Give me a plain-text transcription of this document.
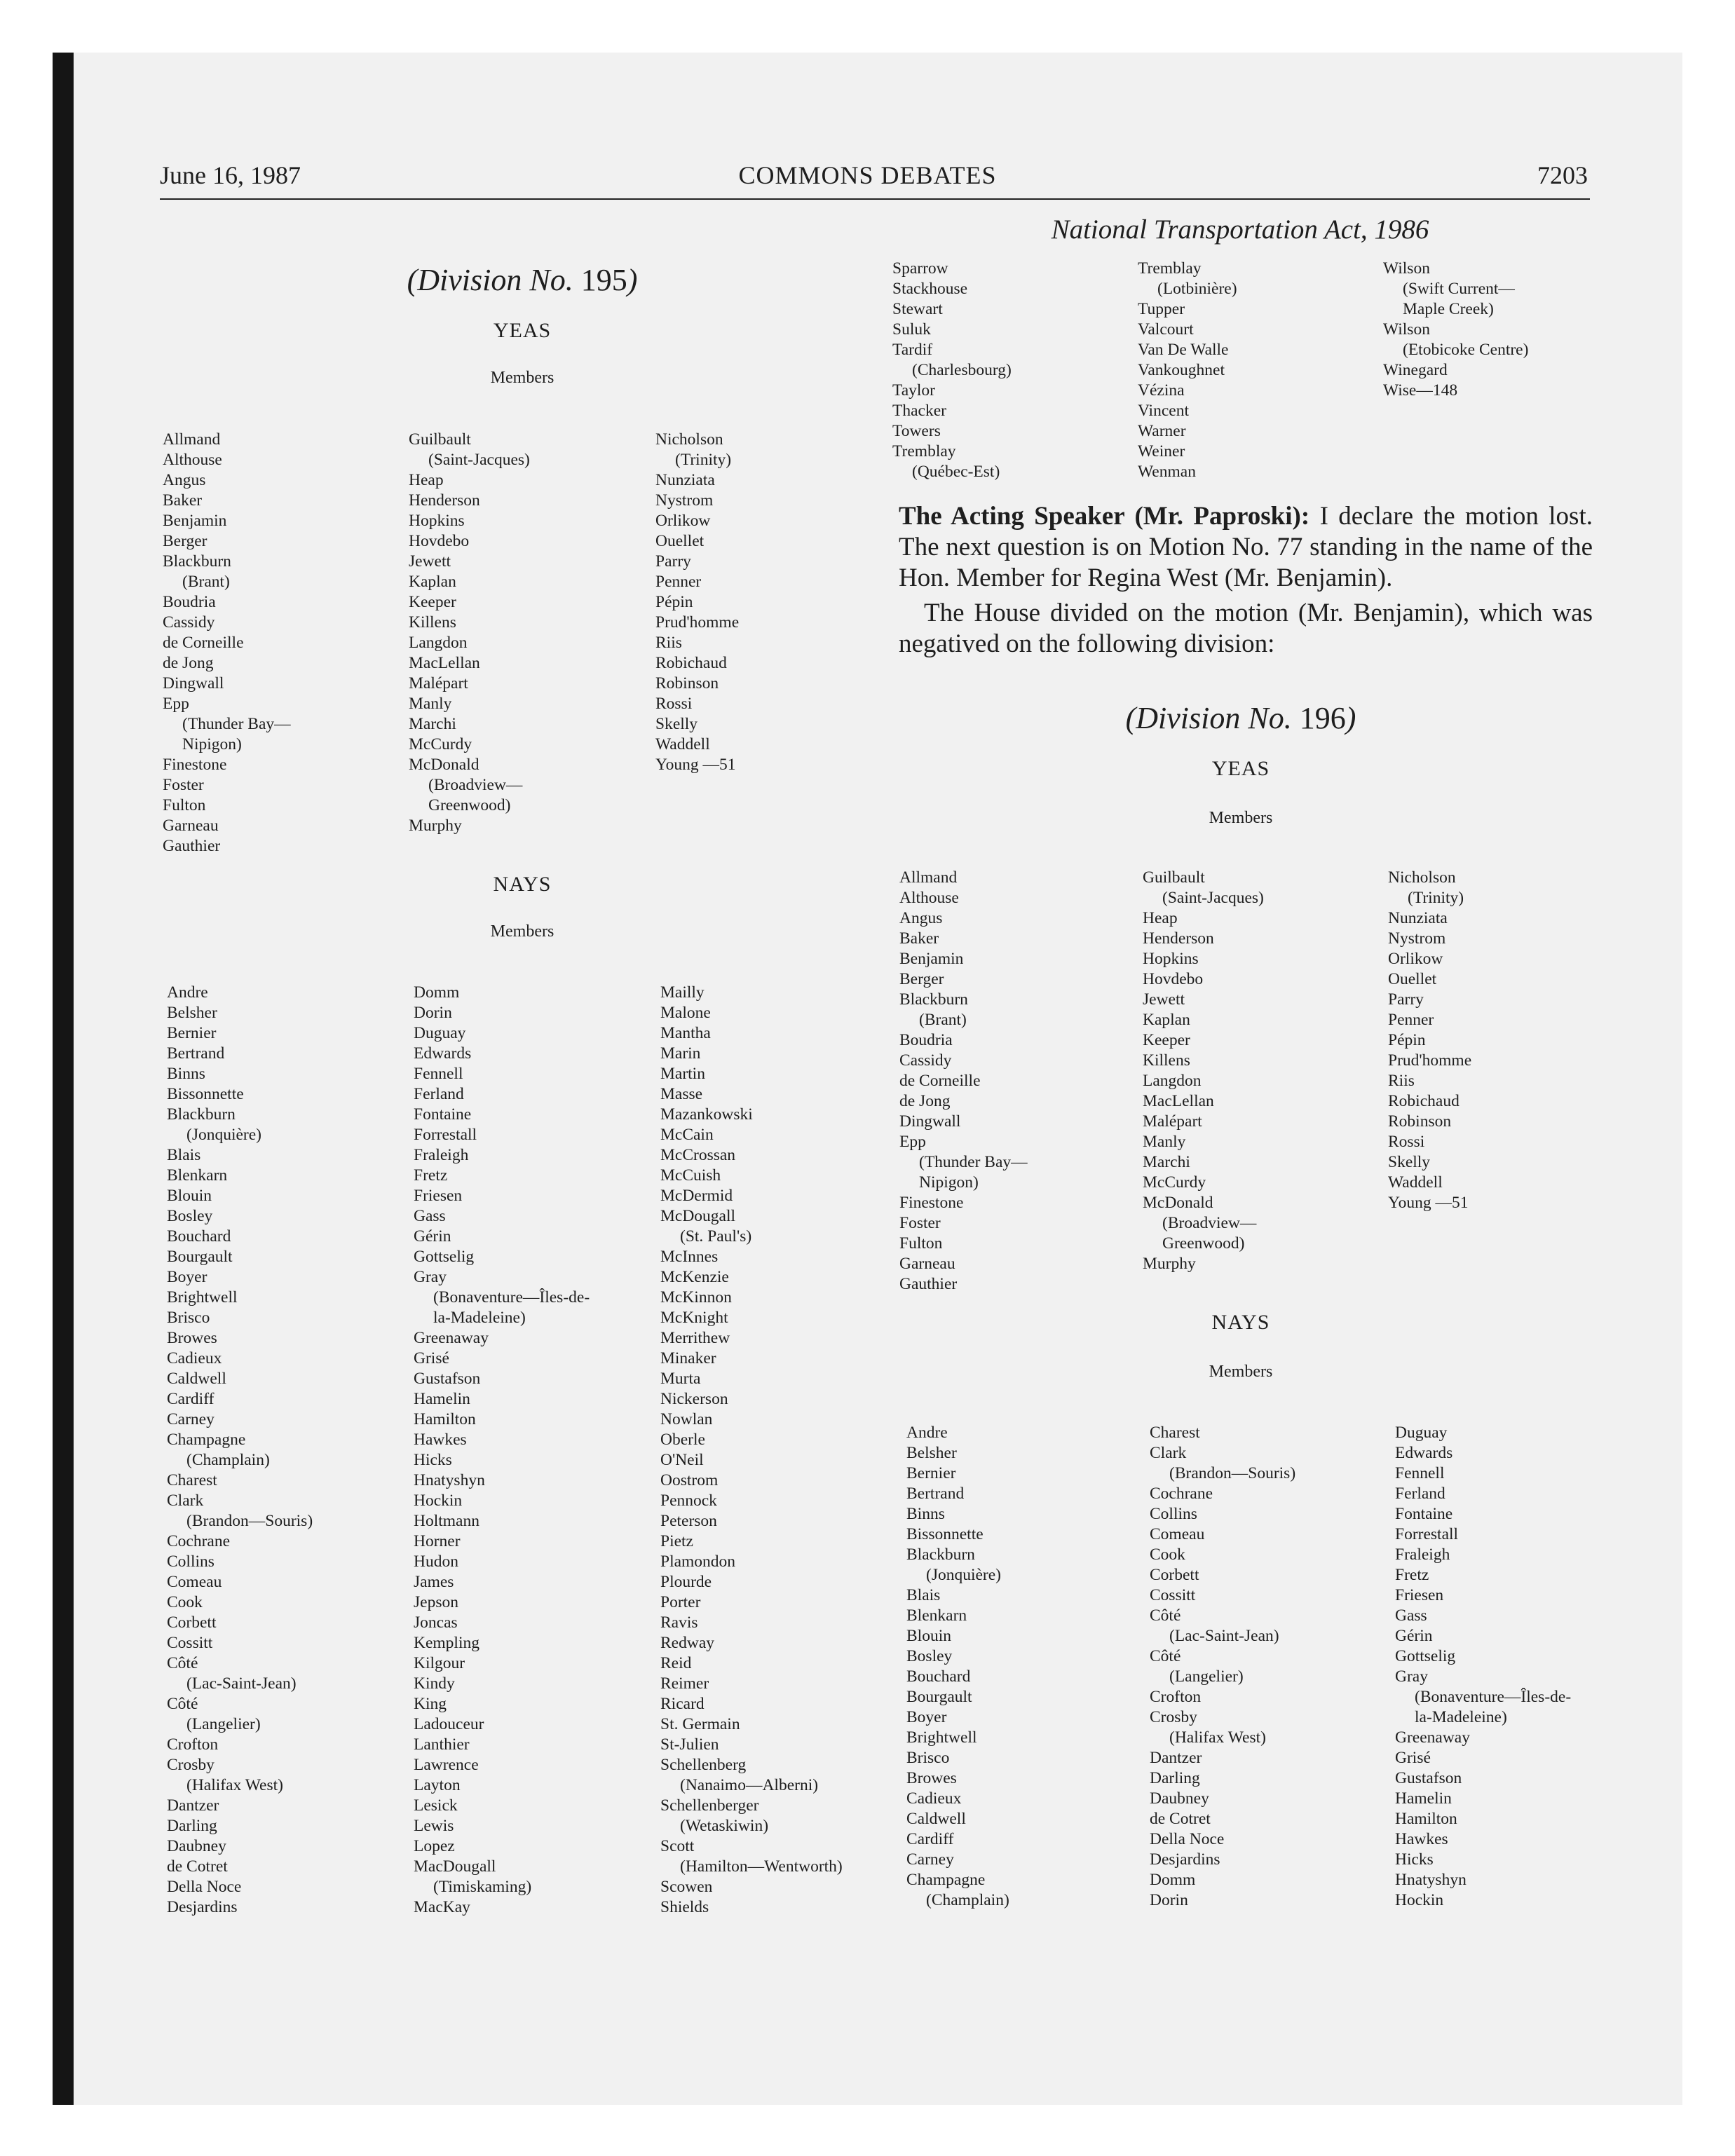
June 16, 1987	COMMONS DEBATES	7203
National Transportation Act, 1986
(Division No. 195)
YEAS
Members
Allmand
Althouse
Angus
Baker
Benjamin
Berger
Blackburn
(Brant)
Boudria
Cassidy
de Corneille
de Jong
Dingwall
Epp
(Thunder Bay—
Nipigon)
Finestone
Foster
Fulton
Garneau
Gauthier
Guilbault
(Saint-Jacques)
Heap
Henderson
Hopkins
Hovdebo
Jewett
Kaplan
Keeper
Killens
Langdon
MacLellan
Malépart
Manly
Marchi
McCurdy
McDonald
(Broadview—
Greenwood)
Murphy
Nicholson
(Trinity)
Nunziata
Nystrom
Orlikow
Ouellet
Parry
Penner
Pépin
Prud'homme
Riis
Robichaud
Robinson
Rossi
Skelly
Waddell
Young —51
NAYS
Members
Andre
Belsher
Bernier
Bertrand
Binns
Bissonnette
Blackburn
(Jonquière)
Blais
Blenkarn
Blouin
Bosley
Bouchard
Bourgault
Boyer
Brightwell
Brisco
Browes
Cadieux
Caldwell
Cardiff
Carney
Champagne
(Champlain)
Charest
Clark
(Brandon—Souris)
Cochrane
Collins
Comeau
Cook
Corbett
Cossitt
Côté
(Lac-Saint-Jean)
Côté
(Langelier)
Crofton
Crosby
(Halifax West)
Dantzer
Darling
Daubney
de Cotret
Della Noce
Desjardins
Domm
Dorin
Duguay
Edwards
Fennell
Ferland
Fontaine
Forrestall
Fraleigh
Fretz
Friesen
Gass
Gérin
Gottselig
Gray
(Bonaventure—Îles-de-
la-Madeleine)
Greenaway
Grisé
Gustafson
Hamelin
Hamilton
Hawkes
Hicks
Hnatyshyn
Hockin
Holtmann
Horner
Hudon
James
Jepson
Joncas
Kempling
Kilgour
Kindy
King
Ladouceur
Lanthier
Lawrence
Layton
Lesick
Lewis
Lopez
MacDougall
(Timiskaming)
MacKay
Mailly
Malone
Mantha
Marin
Martin
Masse
Mazankowski
McCain
McCrossan
McCuish
McDermid
McDougall
(St. Paul's)
McInnes
McKenzie
McKinnon
McKnight
Merrithew
Minaker
Murta
Nickerson
Nowlan
Oberle
O'Neil
Oostrom
Pennock
Peterson
Pietz
Plamondon
Plourde
Porter
Ravis
Redway
Reid
Reimer
Ricard
St. Germain
St-Julien
Schellenberg
(Nanaimo—Alberni)
Schellenberger
(Wetaskiwin)
Scott
(Hamilton—Wentworth)
Scowen
Shields
Sparrow
Stackhouse
Stewart
Suluk
Tardif
(Charlesbourg)
Taylor
Thacker
Towers
Tremblay
(Québec-Est)
Tremblay
(Lotbinière)
Tupper
Valcourt
Van De Walle
Vankoughnet
Vézina
Vincent
Warner
Weiner
Wenman
Wilson
(Swift Current—
Maple Creek)
Wilson
(Etobicoke Centre)
Winegard
Wise—148

The Acting Speaker (Mr. Paproski): I declare the motion lost. The next question is on Motion No. 77 standing in the name of the Hon. Member for Regina West (Mr. Benjamin).

The House divided on the motion (Mr. Benjamin), which was negatived on the following division:

(Division No. 196)
YEAS
Members
Allmand
Althouse
Angus
Baker
Benjamin
Berger
Blackburn
(Brant)
Boudria
Cassidy
de Corneille
de Jong
Dingwall
Epp
(Thunder Bay—
Nipigon)
Finestone
Foster
Fulton
Garneau
Gauthier
Guilbault
(Saint-Jacques)
Heap
Henderson
Hopkins
Hovdebo
Jewett
Kaplan
Keeper
Killens
Langdon
MacLellan
Malépart
Manly
Marchi
McCurdy
McDonald
(Broadview—
Greenwood)
Murphy
Nicholson
(Trinity)
Nunziata
Nystrom
Orlikow
Ouellet
Parry
Penner
Pépin
Prud'homme
Riis
Robichaud
Robinson
Rossi
Skelly
Waddell
Young —51
NAYS
Members
Andre
Belsher
Bernier
Bertrand
Binns
Bissonnette
Blackburn
(Jonquière)
Blais
Blenkarn
Blouin
Bosley
Bouchard
Bourgault
Boyer
Brightwell
Brisco
Browes
Cadieux
Caldwell
Cardiff
Carney
Champagne
(Champlain)
Charest
Clark
(Brandon—Souris)
Cochrane
Collins
Comeau
Cook
Corbett
Cossitt
Côté
(Lac-Saint-Jean)
Côté
(Langelier)
Crofton
Crosby
(Halifax West)
Dantzer
Darling
Daubney
de Cotret
Della Noce
Desjardins
Domm
Dorin
Duguay
Edwards
Fennell
Ferland
Fontaine
Forrestall
Fraleigh
Fretz
Friesen
Gass
Gérin
Gottselig
Gray
(Bonaventure—Îles-de-
la-Madeleine)
Greenaway
Grisé
Gustafson
Hamelin
Hamilton
Hawkes
Hicks
Hnatyshyn
Hockin
